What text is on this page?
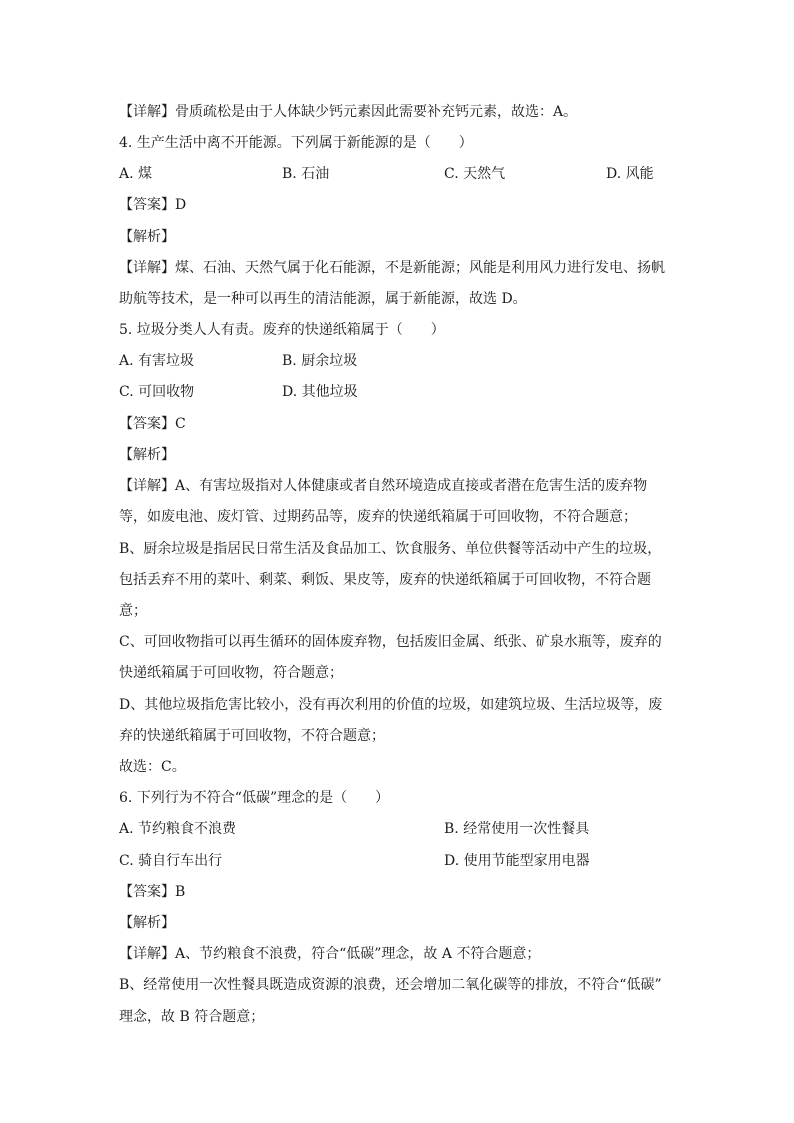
【详解】骨质疏松是由于人体缺少钙元素因此需要补充钙元素，故选：A。
4. 生产生活中离不开能源。下列属于新能源的是（　　）
A. 煤	B. 石油	C. 天然气	D. 风能
【答案】D
【解析】
【详解】煤、石油、天然气属于化石能源，不是新能源；风能是利用风力进行发电、扬帆
助航等技术，是一种可以再生的清洁能源，属于新能源，故选 D。
5. 垃圾分类人人有责。废弃的快递纸箱属于（　　）
A. 有害垃圾	B. 厨余垃圾
C. 可回收物	D. 其他垃圾
【答案】C
【解析】
【详解】A、有害垃圾指对人体健康或者自然环境造成直接或者潜在危害生活的废弃物
等，如废电池、废灯管、过期药品等，废弃的快递纸箱属于可回收物，不符合题意；
B、厨余垃圾是指居民日常生活及食品加工、饮食服务、单位供餐等活动中产生的垃圾，
包括丢弃不用的菜叶、剩菜、剩饭、果皮等，废弃的快递纸箱属于可回收物，不符合题
意；
C、可回收物指可以再生循环的固体废弃物，包括废旧金属、纸张、矿泉水瓶等，废弃的
快递纸箱属于可回收物，符合题意；
D、其他垃圾指危害比较小，没有再次利用的价值的垃圾，如建筑垃圾、生活垃圾等，废
弃的快递纸箱属于可回收物，不符合题意；
故选：C。
6. 下列行为不符合“低碳”理念的是（　　）
A. 节约粮食不浪费	B. 经常使用一次性餐具
C. 骑自行车出行	D. 使用节能型家用电器
【答案】B
【解析】
【详解】A、节约粮食不浪费，符合“低碳”理念，故 A 不符合题意；
B、经常使用一次性餐具既造成资源的浪费，还会增加二氧化碳等的排放，不符合“低碳”
理念，故 B 符合题意；
